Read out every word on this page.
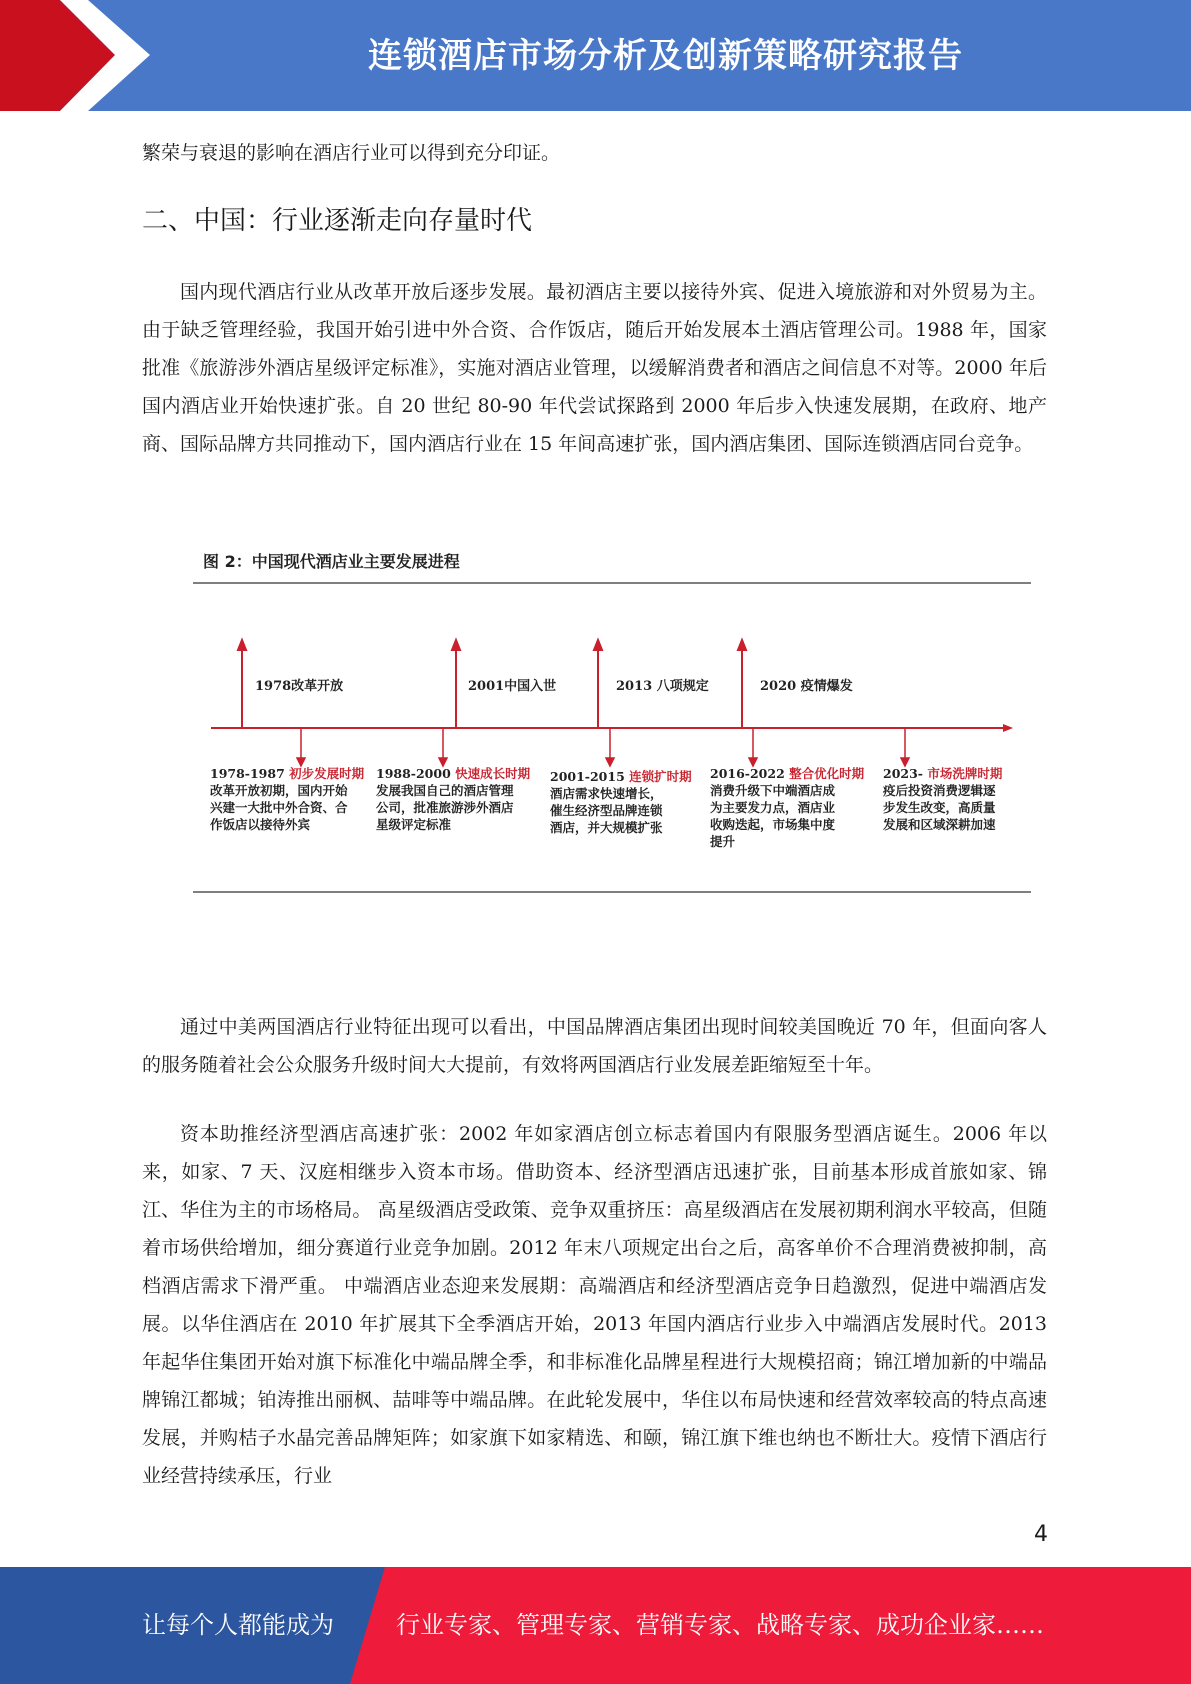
连锁酒店市场分析及创新策略研究报告

繁荣与衰退的影响在酒店行业可以得到充分印证。

二、中国：行业逐渐走向存量时代

国内现代酒店行业从改革开放后逐步发展。最初酒店主要以接待外宾、促进入境旅游和对外贸易为主。由于缺乏管理经验，我国开始引进中外合资、合作饭店，随后开始发展本土酒店管理公司。1988 年，国家批准《旅游涉外酒店星级评定标准》，实施对酒店业管理，以缓解消费者和酒店之间信息不对等。2000 年后国内酒店业开始快速扩张。自 20 世纪 80-90 年代尝试探路到 2000 年后步入快速发展期，在政府、地产商、国际品牌方共同推动下，国内酒店行业在 15 年间高速扩张，国内酒店集团、国际连锁酒店同台竞争。

图 2：中国现代酒店业主要发展进程
1978改革开放	2001中国入世	2013 八项规定	2020 疫情爆发
1978-1987 初步发展时期
改革开放初期，国内开始
兴建一大批中外合资、合
作饭店以接待外宾
1988-2000 快速成长时期
发展我国自己的酒店管理
公司，批准旅游涉外酒店
星级评定标准
2001-2015 连锁扩时期
酒店需求快速增长，
催生经济型品牌连锁
酒店，并大规模扩张
2016-2022 整合优化时期
消费升级下中端酒店成
为主要发力点，酒店业
收购迭起，市场集中度
提升
2023- 市场洗牌时期
疫后投资消费逻辑逐
步发生改变，高质量
发展和区域深耕加速

通过中美两国酒店行业特征出现可以看出，中国品牌酒店集团出现时间较美国晚近 70 年，但面向客人的服务随着社会公众服务升级时间大大提前，有效将两国酒店行业发展差距缩短至十年。

资本助推经济型酒店高速扩张：2002 年如家酒店创立标志着国内有限服务型酒店诞生。2006 年以来，如家、7 天、汉庭相继步入资本市场。借助资本、经济型酒店迅速扩张，目前基本形成首旅如家、锦江、华住为主的市场格局。 高星级酒店受政策、竞争双重挤压：高星级酒店在发展初期利润水平较高，但随着市场供给增加，细分赛道行业竞争加剧。2012 年末八项规定出台之后，高客单价不合理消费被抑制，高档酒店需求下滑严重。 中端酒店业态迎来发展期：高端酒店和经济型酒店竞争日趋激烈，促进中端酒店发展。以华住酒店在 2010 年扩展其下全季酒店开始，2013 年国内酒店行业步入中端酒店发展时代。2013 年起华住集团开始对旗下标准化中端品牌全季，和非标准化品牌星程进行大规模招商；锦江增加新的中端品牌锦江都城；铂涛推出丽枫、喆啡等中端品牌。在此轮发展中，华住以布局快速和经营效率较高的特点高速发展，并购桔子水晶完善品牌矩阵；如家旗下如家精选、和颐，锦江旗下维也纳也不断壮大。疫情下酒店行业经营持续承压，行业

4
让每个人都能成为	行业专家、管理专家、营销专家、战略专家、成功企业家……
